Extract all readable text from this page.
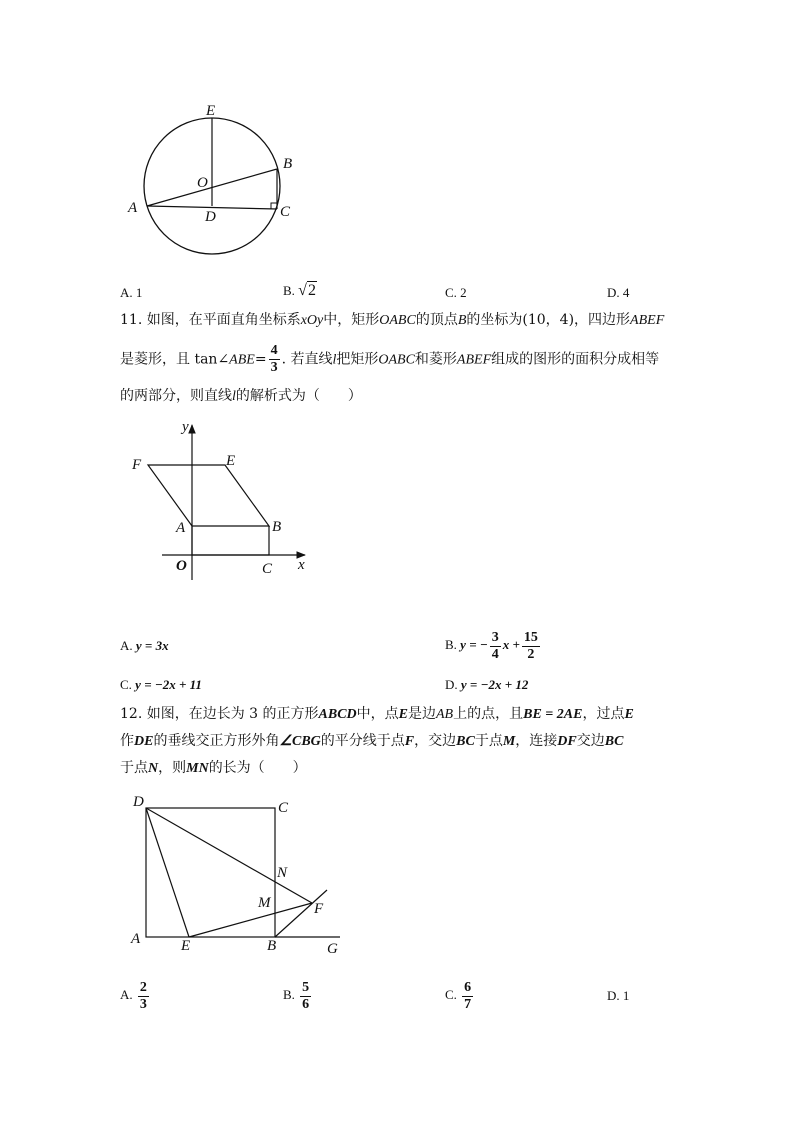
E
B
O
A
D	C
A. 1	B. √2	C. 2	D. 4
11. 如图，在平面直角坐标系xOy中，矩形OABC的顶点B的坐标为(10，4)，四边形ABEF
是菱形，且 tan∠ABE= $\frac{4}{3}$ . 若直线l把矩形OABC和菱形ABEF组成的图形的面积分成相等
的两部分，则直线l的解析式为（　　）
y
x
F	E
A	B
O	C
A. y = 3x	B. y = − $\frac{3}{4}$ $x + \frac{15}{2}$
C. y = −2x + 11	D. y = −2x + 12
12. 如图，在边长为 3 的正方形ABCD中，点E是边AB上的点，且BE = 2AE，过点E
作DE的垂线交正方形外角∠CBG的平分线于点F，交边BC于点M，连接DF交边BC
于点N，则MN的长为（　　）
D	C
N
M	F
A	E	B	G
A. $\frac{2}{3}$	B. $\frac{5}{6}$	C. $\frac{6}{7}$	D. 1
